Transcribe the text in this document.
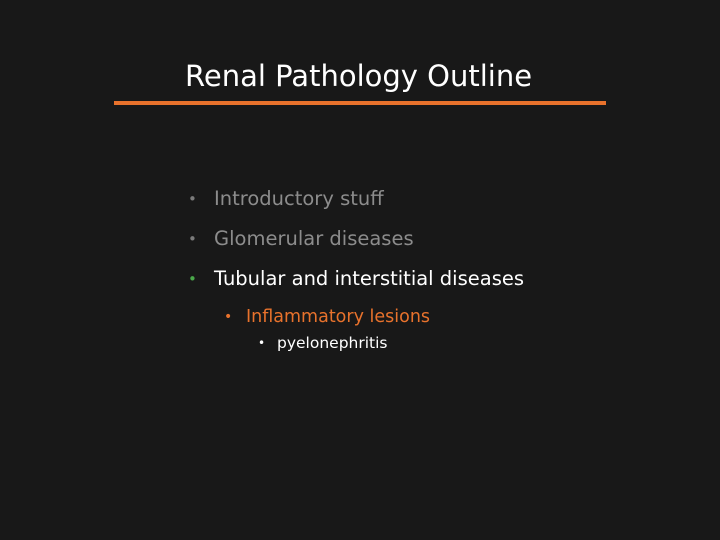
Renal Pathology Outline
• Introductory stuff
• Glomerular diseases
• Tubular and interstitial diseases
• Inflammatory lesions
• pyelonephritis
